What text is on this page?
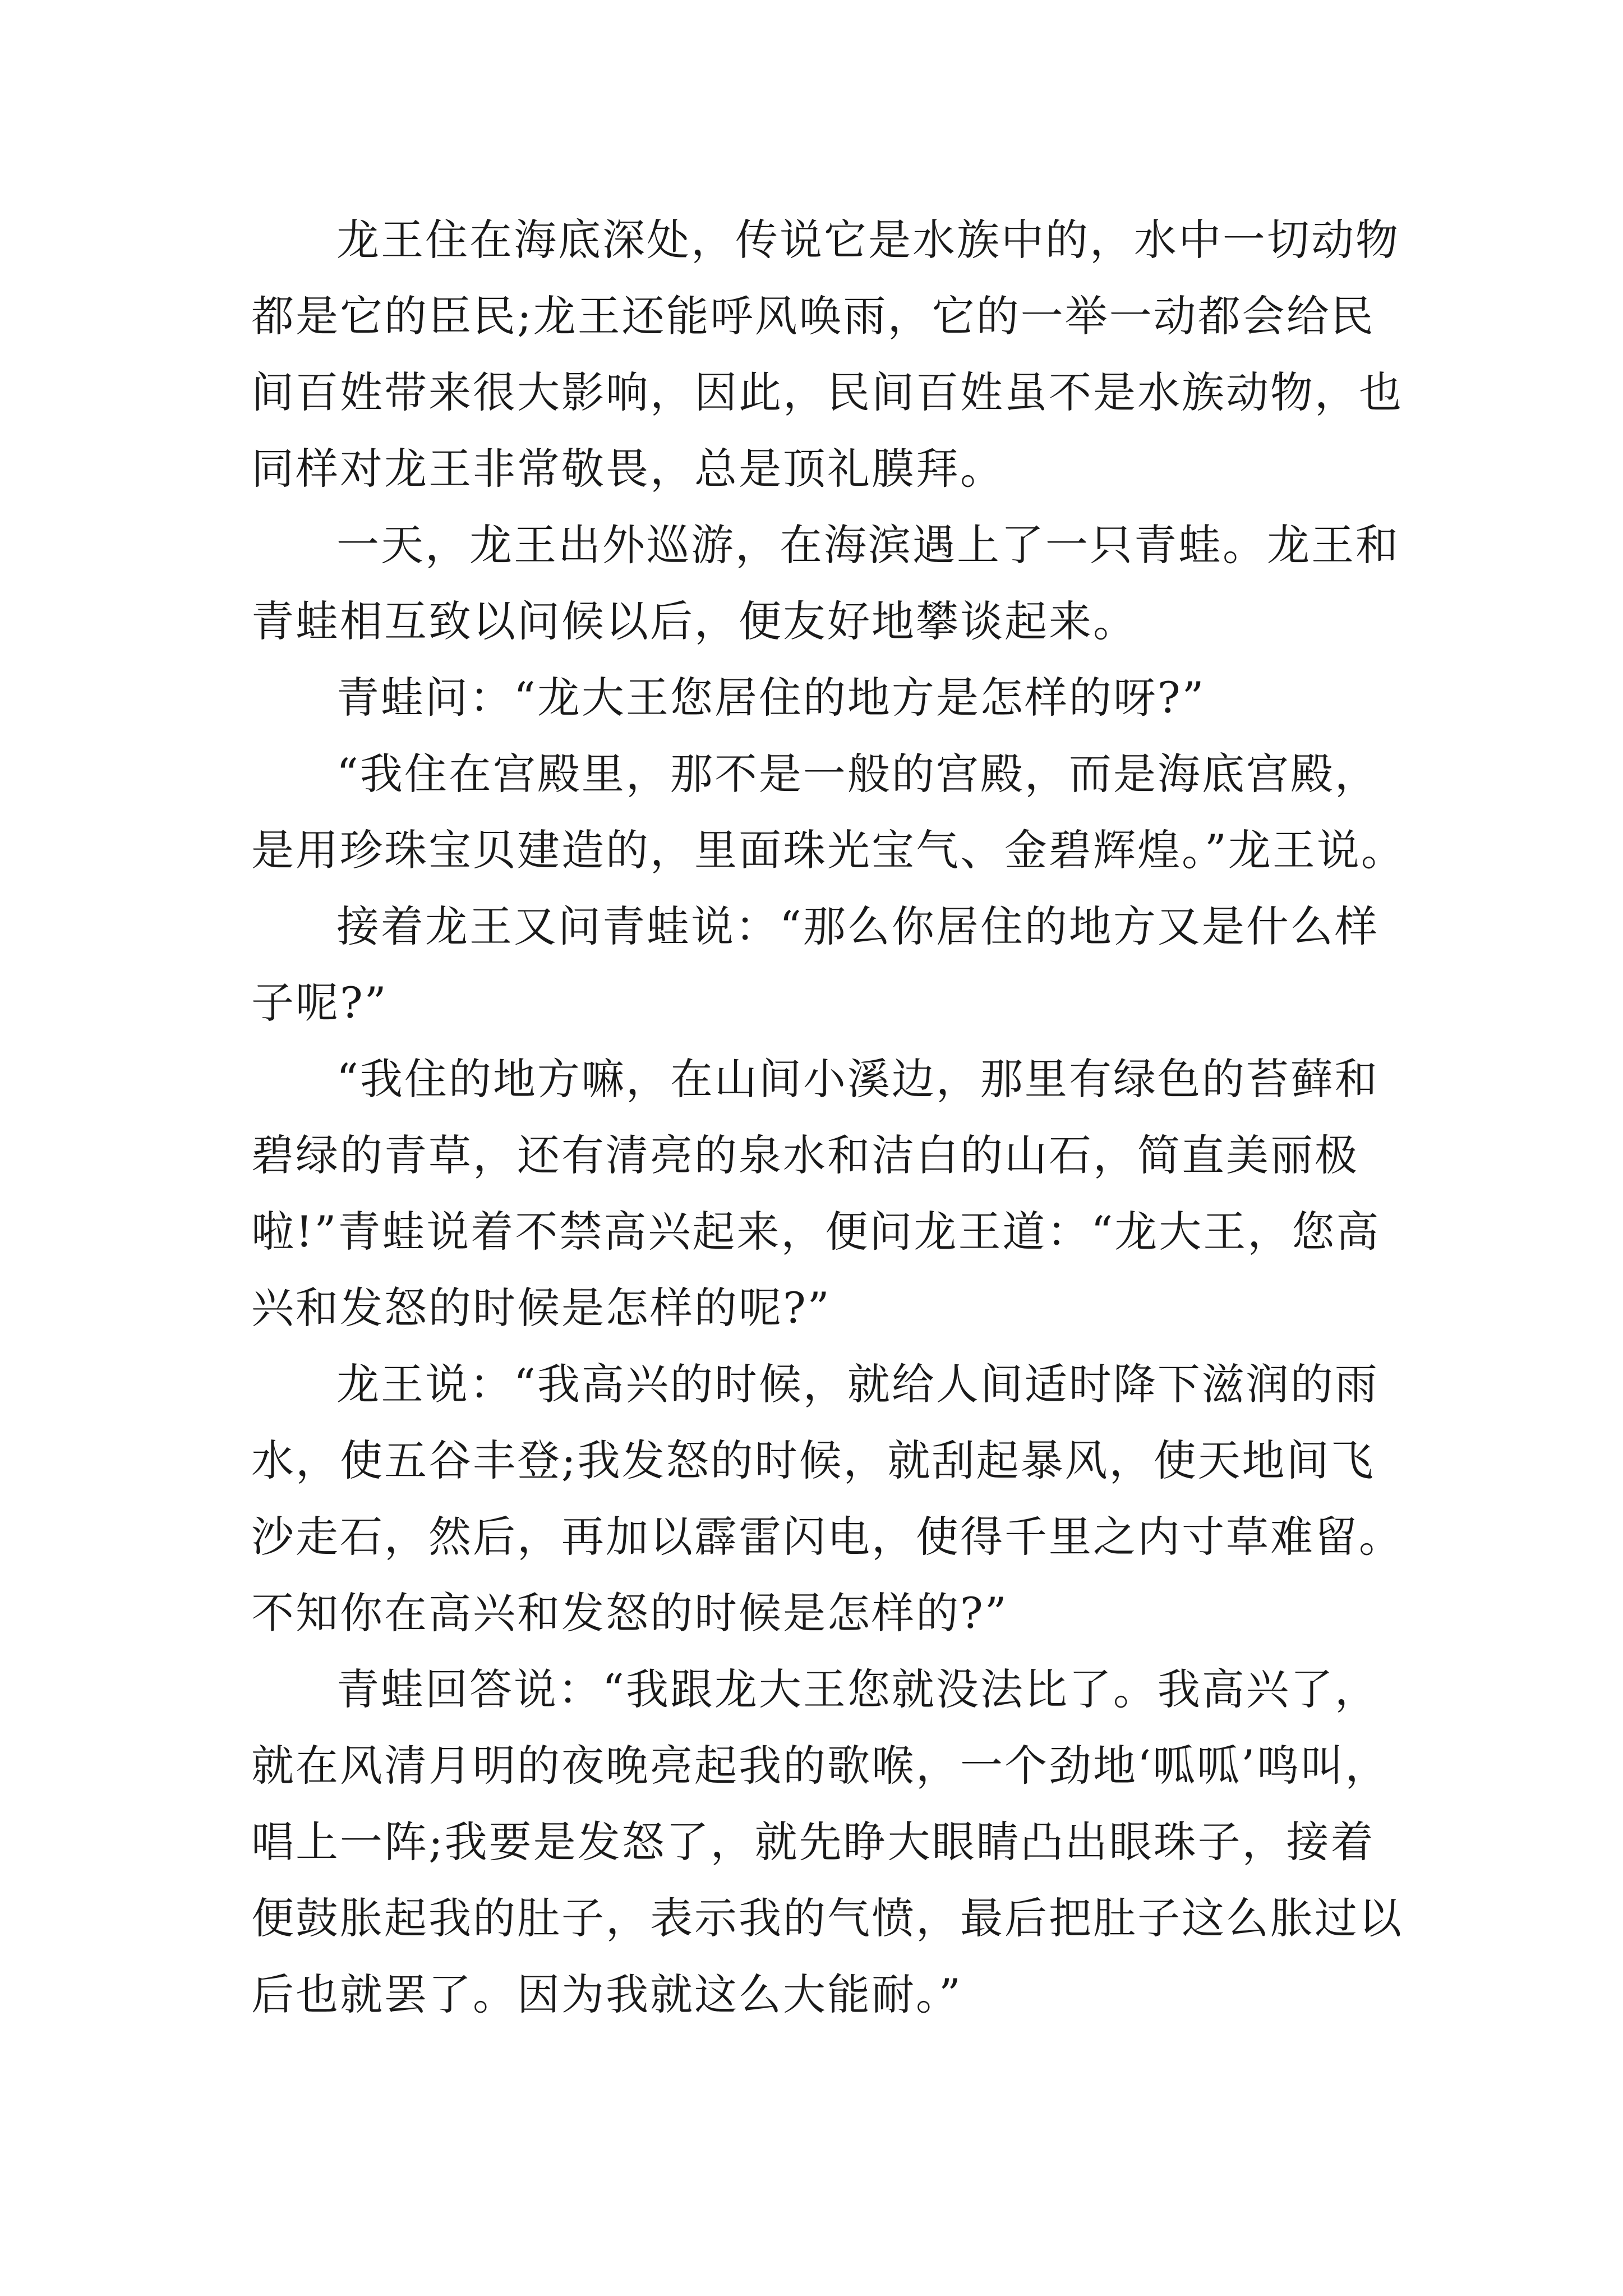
龙王住在海底深处，传说它是水族中的，水中一切动物
都是它的臣民;龙王还能呼风唤雨，它的一举一动都会给民
间百姓带来很大影响，因此，民间百姓虽不是水族动物，也
同样对龙王非常敬畏，总是顶礼膜拜。
一天，龙王出外巡游，在海滨遇上了一只青蛙。龙王和
青蛙相互致以问候以后，便友好地攀谈起来。
青蛙问：“龙大王您居住的地方是怎样的呀?”
“我住在宫殿里，那不是一般的宫殿，而是海底宫殿，
是用珍珠宝贝建造的，里面珠光宝气、金碧辉煌。”龙王说。
接着龙王又问青蛙说：“那么你居住的地方又是什么样
子呢?”
“我住的地方嘛，在山间小溪边，那里有绿色的苔藓和
碧绿的青草，还有清亮的泉水和洁白的山石，简直美丽极
啦!”青蛙说着不禁高兴起来，便问龙王道：“龙大王，您高
兴和发怒的时候是怎样的呢?”
龙王说：“我高兴的时候，就给人间适时降下滋润的雨
水，使五谷丰登;我发怒的时候，就刮起暴风，使天地间飞
沙走石，然后，再加以霹雷闪电，使得千里之内寸草难留。
不知你在高兴和发怒的时候是怎样的?”
青蛙回答说：“我跟龙大王您就没法比了。我高兴了，
就在风清月明的夜晚亮起我的歌喉，一个劲地‘呱呱’鸣叫，
唱上一阵;我要是发怒了，就先睁大眼睛凸出眼珠子，接着
便鼓胀起我的肚子，表示我的气愤，最后把肚子这么胀过以
后也就罢了。因为我就这么大能耐。”
